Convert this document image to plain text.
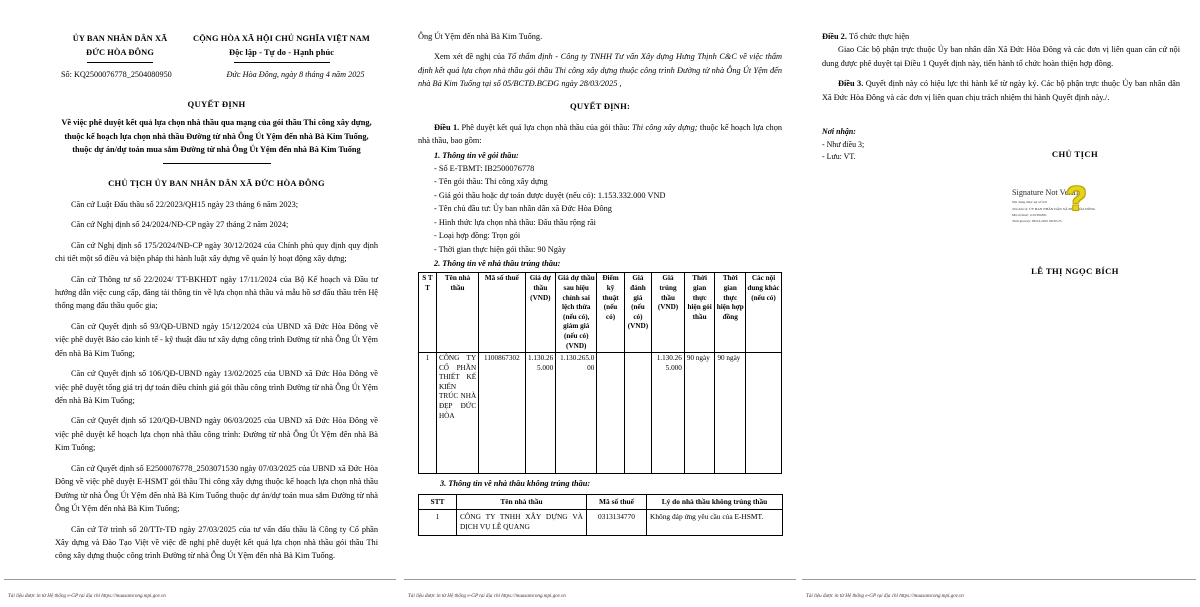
ỦY BAN NHÂN DÂN XÃ
ĐỨC HÒA ĐÔNG
CỘNG HÒA XÃ HỘI CHỦ NGHĨA VIỆT NAM
Độc lập - Tự do - Hạnh phúc
Số: KQ2500076778_2504080950	Đức Hòa Đông, ngày 8 tháng 4 năm 2025
QUYẾT ĐỊNH
Về việc phê duyệt kết quả lựa chọn nhà thầu qua mạng của gói thầu Thi công xây dựng, thuộc kế hoạch lựa chọn nhà thầu Đường từ nhà Ông Út Yệm đến nhà Bà Kim Tuống, thuộc dự án/dự toán mua sắm Đường từ nhà Ông Út Yệm đến nhà Bà Kim Tuống
CHỦ TỊCH ỦY BAN NHÂN DÂN XÃ ĐỨC HÒA ĐÔNG

Căn cứ Luật Đấu thầu số 22/2023/QH15 ngày 23 tháng 6 năm 2023;

Căn cứ Nghị định số 24/2024/NĐ-CP ngày 27 tháng 2 năm 2024;

Căn cứ Nghị định số 175/2024/NĐ-CP ngày 30/12/2024 của Chính phủ quy định quy định chi tiết một số điều và biện pháp thi hành luật xây dựng về quản lý hoạt động xây dựng;

Căn cứ Thông tư số 22/2024/ TT-BKHĐT ngày 17/11/2024 của Bộ Kế hoạch và Đầu tư hướng dẫn việc cung cấp, đăng tải thông tin về lựa chọn nhà thầu và mẫu hồ sơ đấu thầu trên Hệ thống mạng đấu thầu quốc gia;

Căn cứ Quyết định số 93/QĐ-UBND ngày 15/12/2024 của UBND xã Đức Hòa Đông về việc phê duyệt Báo cáo kinh tế - kỹ thuật đầu tư xây dựng công trình Đường từ nhà Ông Út Yệm đến nhà Bà Kim Tuống;

Căn cứ Quyết định số 106/QĐ-UBND ngày 13/02/2025 của UBND xã Đức Hòa Đông về việc phê duyệt tổng giá trị dự toán điều chỉnh giá gói thầu công trình Đường từ nhà Ông Út Yệm đến nhà Bà Kim Tuống;

Căn cứ Quyết định số 120/QĐ-UBND ngày 06/03/2025 của UBND xã Đức Hòa Đông về việc phê duyệt kế hoạch lựa chọn nhà thầu công trình: Đường từ nhà Ông Út Yệm đến nhà Bà Kim Tuống;

Căn cứ Quyết định số E2500076778_2503071530 ngày 07/03/2025 của UBND xã Đức Hòa Đông về việc phê duyệt E-HSMT gói thầu Thi công xây dựng thuộc kế hoạch lựa chọn nhà thầu Đường từ nhà Ông Út Yệm đến nhà Bà Kim Tuống thuộc dự án/dự toán mua sắm Đường từ nhà Ông Út Yệm đến nhà Bà Kim Tuống;

Căn cứ Tờ trình số 20/TTr-TĐ ngày 27/03/2025 của tư vấn đấu thầu là Công ty Cổ phần Xây dựng và Đào Tạo Việt về việc đề nghị phê duyệt kết quả lựa chọn nhà thầu gói thầu Thi công xây dựng thuộc công trình Đường từ nhà Ông Út Yệm đến nhà Bà Kim Tuống.

Ông Út Yệm đến nhà Bà Kim Tuống.

Xem xét đề nghị của Tổ thẩm định - Công ty TNHH Tư vấn Xây dựng Hưng Thịnh C&C về việc thẩm định kết quả lựa chọn nhà thầu gói thầu Thi công xây dựng thuộc công trình Đường từ nhà Ông Út Yệm đến nhà Bà Kim Tuống tại số 05/BCTĐ.BCĐG ngày 28/03/2025 ,

QUYẾT ĐỊNH:

Điều 1. Phê duyệt kết quả lựa chọn nhà thầu của gói thầu: Thi công xây dựng; thuộc kế hoạch lựa chọn nhà thầu, bao gồm:

1. Thông tin về gói thầu:

- Số E-TBMT: IB2500076778

- Tên gói thầu: Thi công xây dựng

- Giá gói thầu hoặc dự toán được duyệt (nếu có): 1.153.332.000 VND

- Tên chủ đầu tư: Ủy ban nhân dân xã Đức Hòa Đông

- Hình thức lựa chọn nhà thầu: Đấu thầu rộng rãi

- Loại hợp đồng: Trọn gói

- Thời gian thực hiện gói thầu: 90 Ngày

2. Thông tin về nhà thầu trúng thầu:
S T T	Tên nhà thầu	Mã số thuế	Giá dự thầu (VND)	Giá dự thầu sau hiệu chỉnh sai lệch thừa (nếu có), giảm giá (nếu có) (VND)	Điểm kỹ thuật (nếu có)	Giá đánh giá (nếu có) (VND)	Giá trúng thầu (VND)	Thời gian thực hiện gói thầu	Thời gian thực hiện hợp đồng	Các nội dung khác (nếu có)
1	CÔNG TY CỔ PHẦN THIẾT KẾ KIẾN TRÚC NHÀ ĐẸP ĐỨC HÒA	1100867302	1.130.265.000	1.130.265.000			1.130.265.000	90 ngày	90 ngày	
3. Thông tin về nhà thầu không trúng thầu:
STT	Tên nhà thầu	Mã số thuế	Lý do nhà thầu không trúng thầu
1	CÔNG TY TNHH XÂY DỰNG VÀ DỊCH VỤ LÊ QUANG	0313134770	Không đáp ứng yêu cầu của E-HSMT.

Điều 2. Tổ chức thực hiện

Giao Các bộ phận trực thuộc Ủy ban nhân dân Xã Đức Hòa Đông và các đơn vị liên quan căn cứ nội dung được phê duyệt tại Điều 1 Quyết định này, tiến hành tổ chức hoàn thiện hợp đồng.

Điều 3. Quyết định này có hiệu lực thi hành kể từ ngày ký. Các bộ phận trực thuộc Ủy ban nhân dân Xã Đức Hòa Đông và các đơn vị liên quan chịu trách nhiệm thi hành Quyết định này./.

Nơi nhận:
- Như điều 3;
- Lưu: VT.	CHỦ TỊCH
Signature Not Verified
Nội dung được ký số bởi
Tên đơn vị: ỦY BAN NHÂN DÂN XÃ ĐỨC HÒA ĐÔNG
Mã số thuế: 1101381881
Thời gian ký: 08-04-2025 09:50:25
?
LÊ THỊ NGỌC BÍCH
Tài liệu được in từ Hệ thống e-GP tại địa chỉ https://muasamcong.mpi.gov.vn	Tài liệu được in từ Hệ thống e-GP tại địa chỉ https://muasamcong.mpi.gov.vn	Tài liệu được in từ Hệ thống e-GP tại địa chỉ https://muasamcong.mpi.gov.vn
